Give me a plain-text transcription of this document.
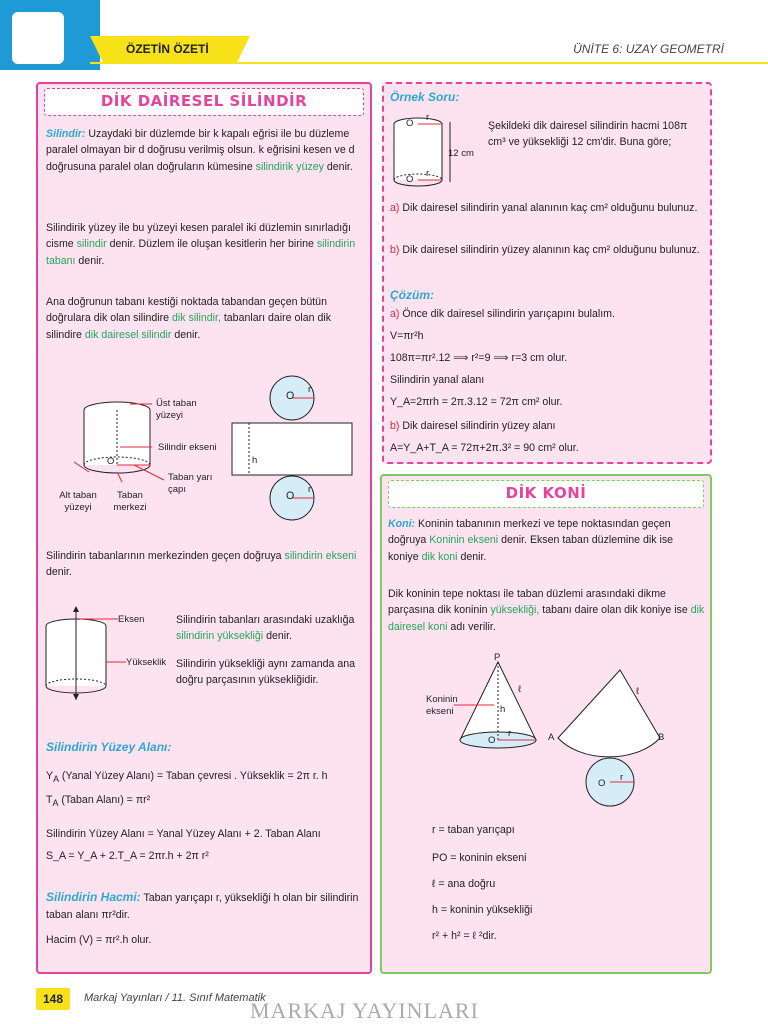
ÖZETİN ÖZETİ	ÜNİTE 6: UZAY GEOMETRİ
DİK DAİRESEL SİLİNDİR
Silindir: Uzaydaki bir düzlemde bir k kapalı eğrisi ile bu düzleme paralel olmayan bir d doğrusu verilmiş olsun. k eğrisini kesen ve d doğrusuna paralel olan doğruların kümesine silindirik yüzey denir.
Silindirik yüzey ile bu yüzeyi kesen paralel iki düzlemin sınırladığı cisme silindir denir. Düzlem ile oluşan kesitlerin her birine silindirin tabanı denir.
Ana doğrunun tabanı kestiği noktada tabandan geçen bütün doğrulara dik olan silindire dik silindir, tabanları daire olan dik silindire dik dairesel silindir denir.
Üst taban yüzeyi
Silindir ekseni
Taban yarı çapı
Alt taban yüzeyi
Taban merkezi
O	h
O
r
O
r
Silindirin tabanlarının merkezinden geçen doğruya silindirin ekseni denir.
Eksen
Yükseklik
Silindirin tabanları arasındaki uzaklığa silindirin yüksekliği denir.
Silindirin yüksekliği aynı zamanda ana doğru parçasının yüksekliğidir.
Silindirin Yüzey Alanı:
$Y_A$ (Yanal Yüzey Alanı) = Taban çevresi . Yükseklik = 2π r. h
$T_A$ (Taban Alanı) = πr²
Silindirin Yüzey Alanı = Yanal Yüzey Alanı + 2. Taban Alanı
S_A = Y_A + 2.T_A = 2πr.h + 2π r²
Silindirin Hacmi: Taban yarıçapı r, yüksekliği h olan bir silindirin taban alanı πr²dir.
Hacim (V) = πr².h olur.
Örnek Soru:
O
r
O
r
12 cm
Şekildeki dik dairesel silindirin hacmi 108π cm³ ve yüksekliği 12 cm'dir. Buna göre;
a) Dik dairesel silindirin yanal alanının kaç cm² olduğunu bulunuz.
b) Dik dairesel silindirin yüzey alanının kaç cm² olduğunu bulunuz.
Çözüm:
a) Önce dik dairesel silindirin yarıçapını bulalım.
V=πr²h
108π=πr².12 ⟹ r²=9 ⟹ r=3 cm olur.
Silindirin yanal alanı
Y_A=2πrh = 2π.3.12 = 72π cm² olur.
b) Dik dairesel silindirin yüzey alanı
A=Y_A+T_A = 72π+2π.3² = 90 cm² olur.
DİK KONİ
Koni: Koninin tabanının merkezi ve tepe noktasından geçen doğruya Koninin ekseni denir. Eksen taban düzlemine dik ise koniye dik koni denir.
Dik koninin tepe noktası ile taban düzlemi arasındaki dikme parçasına dik koninin yüksekliği, tabanı daire olan dik koniye ise dik dairesel koni adı verilir.
P
Koninin ekseni
ℓ
h
O
r
ℓ
A	B
O
r
r = taban yarıçapı
PO = koninin ekseni
ℓ = ana doğru
h = koninin yüksekliği
r² + h² = ℓ ²dir.
148	Markaj Yayınları / 11. Sınıf Matematik
MARKAJ YAYINLARI
